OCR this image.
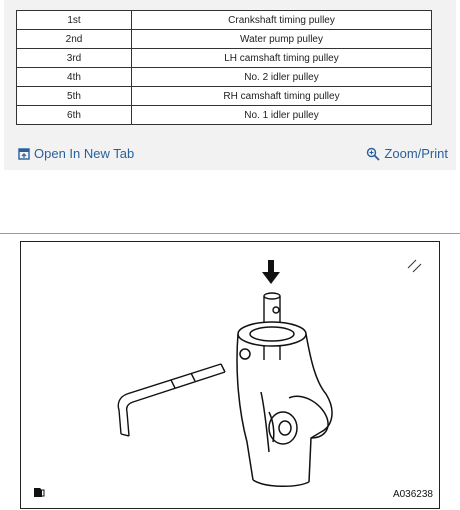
1st	Crankshaft timing pulley
2nd	Water pump pulley
3rd	LH camshaft timing pulley
4th	No. 2 idler pulley
5th	RH camshaft timing pulley
6th	No. 1 idler pulley
Open In New Tab	Zoom/Print
A036238
